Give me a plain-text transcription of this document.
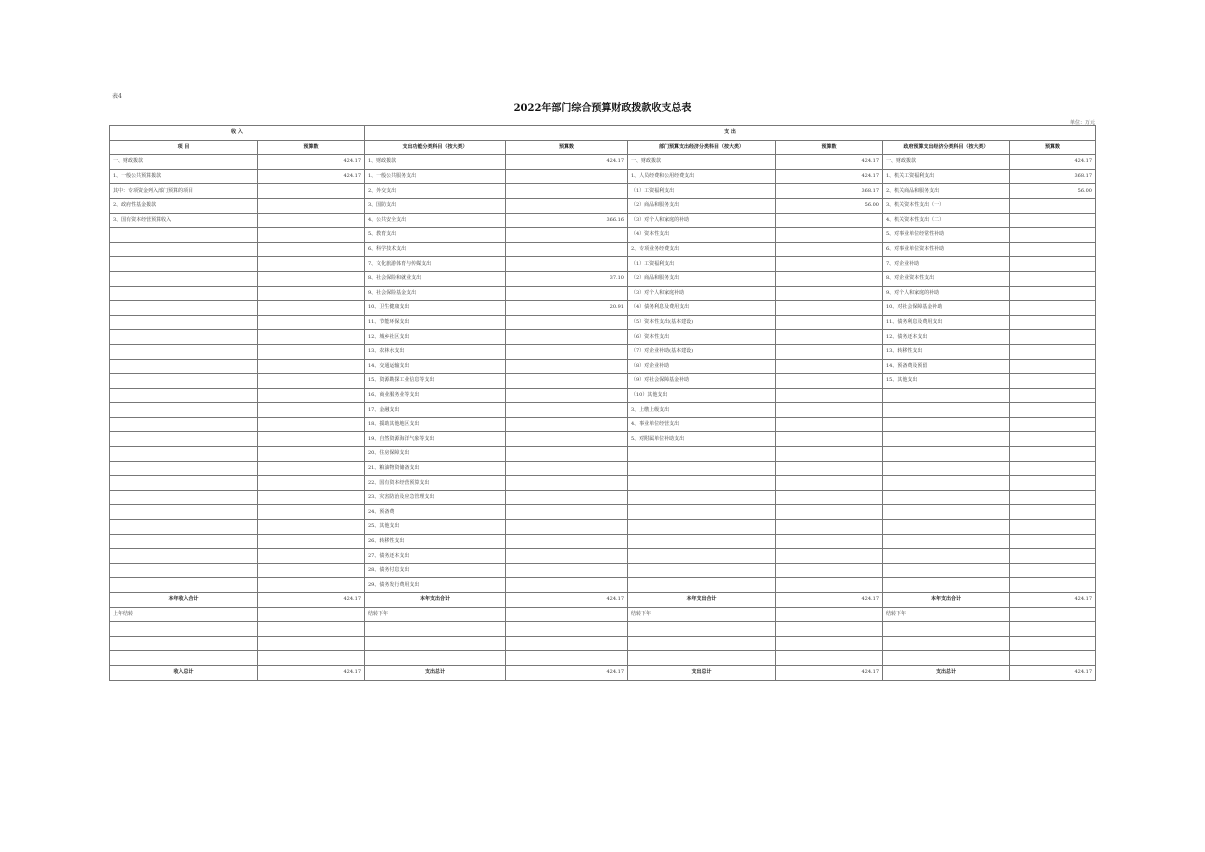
表4
2022年部门综合预算财政拨款收支总表
单位：万元
收 入		支 出					
项 目	预算数	支出功能分类科目（按大类）	预算数	部门预算支出经济分类科目（按大类）	预算数	政府预算支出经济分类科目（按大类）	预算数
一、财政拨款	424.17	1、财政拨款	424.17	一、财政拨款	424.17	一、财政拨款	424.17
1、一般公共预算拨款	424.17	1、一般公共服务支出		1、人员经费和公用经费支出	424.17	1、机关工资福利支出	368.17
其中：专项资金列入部门预算的项目		2、外交支出		（1）工资福利支出	368.17	2、机关商品和服务支出	56.00
2、政府性基金拨款		3、国防支出		（2）商品和服务支出	56.00	3、机关资本性支出（一）	
3、国有资本经营预算收入		4、公共安全支出	366.16	（3）对个人和家庭的补助		4、机关资本性支出（二）	
		5、教育支出		（4）资本性支出		5、对事业单位经常性补助	
		6、科学技术支出		2、专项业务经费支出		6、对事业单位资本性补助	
		7、文化旅游体育与传媒支出		（1）工资福利支出		7、对企业补助	
		8、社会保险和就业支出	37.10	（2）商品和服务支出		8、对企业资本性支出	
		9、社会保险基金支出		（3）对个人和家庭补助		9、对个人和家庭的补助	
		10、卫生健康支出	20.91	（4）债务利息及费用支出		10、对社会保障基金补助	
		11、节能环保支出		（5）资本性支出(基本建设)		11、债务利息及费用支出	
		12、城乡社区支出		（6）资本性支出		12、债务还本支出	
		13、农林水支出		（7）对企业补助(基本建设)		13、转移性支出	
		14、交通运输支出		（8）对企业补助		14、预备费及预留	
		15、资源勘探工业信息等支出		（9）对社会保障基金补助		15、其他支出	
		16、商业服务业等支出		（10）其他支出			
		17、金融支出		3、上缴上级支出			
		18、援助其他地区支出		4、事业单位经营支出			
		19、自然资源海洋气象等支出		5、对附属单位补助支出			
		20、住房保障支出					
		21、粮油物资储备支出					
		22、国有资本经营预算支出					
		23、灾害防治及应急管理支出					
		24、预备费					
		25、其他支出					
		26、转移性支出					
		27、债务还本支出					
		28、债务付息支出					
		29、债务发行费用支出					
本年收入合计	424.17	本年支出合计	424.17	本年支出合计	424.17	本年支出合计	424.17
上年结转		结转下年		结转下年		结转下年	

收入总计	424.17	支出总计	424.17	支出总计	424.17	支出总计	424.17
